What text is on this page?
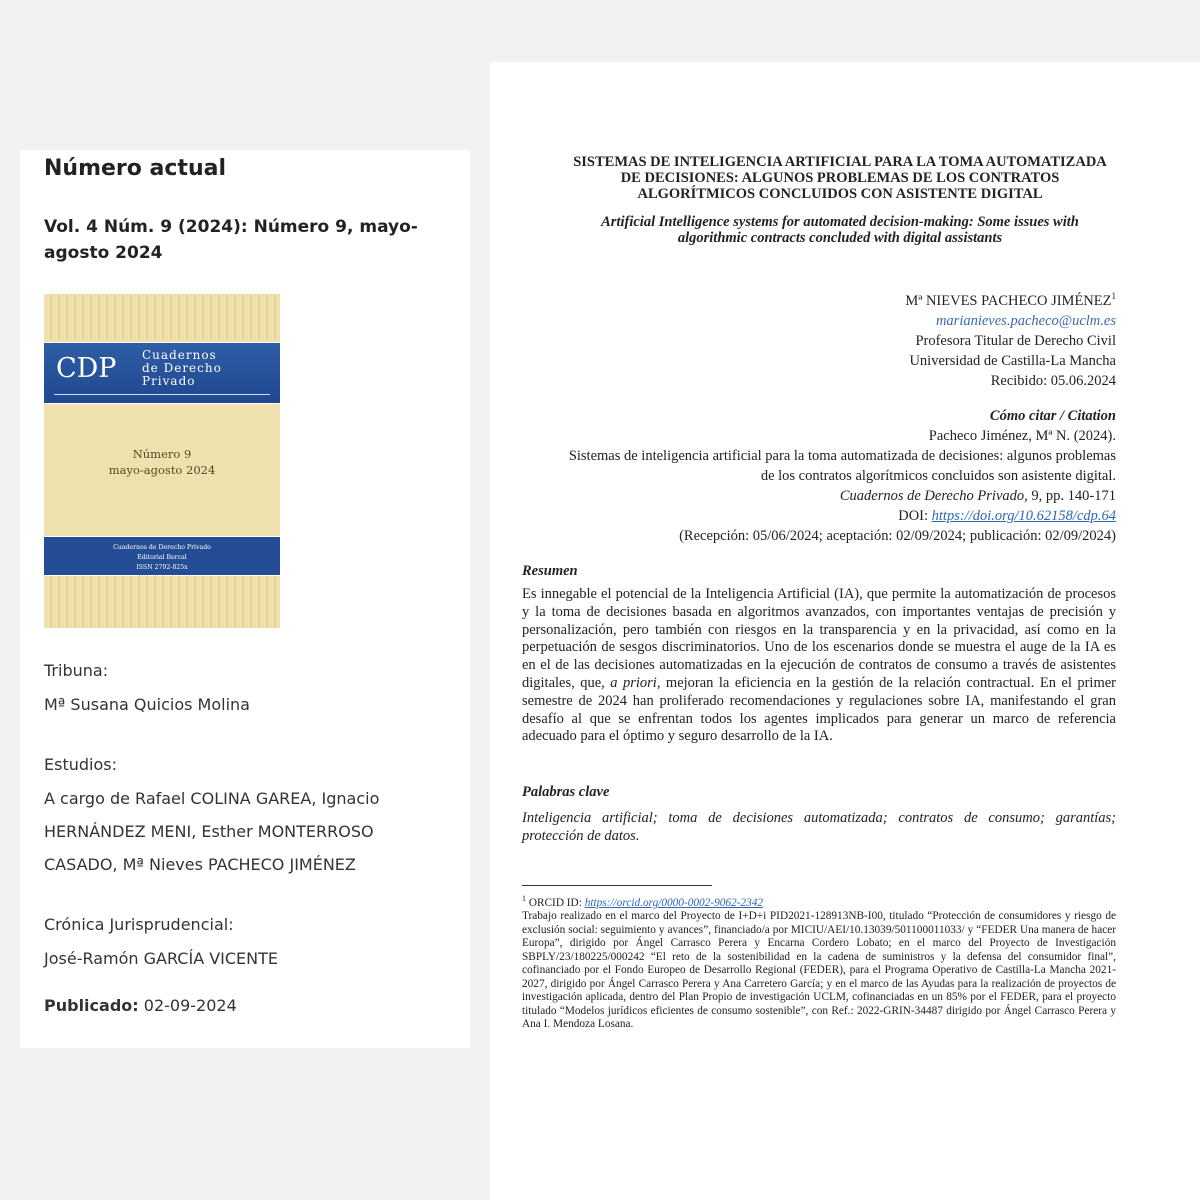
Número actual
Vol. 4 Núm. 9 (2024): Número 9, mayo-agosto 2024
CDP Cuadernos
de Derecho
Privado
Número 9
mayo-agosto 2024
Cuadernos de Derecho Privado
Editorial Bercal
ISSN 2792-825x
Tribuna:
Mª Susana Quicios Molina
Estudios:
A cargo de Rafael COLINA GAREA, Ignacio
HERNÁNDEZ MENI, Esther MONTERROSO
CASADO, Mª Nieves PACHECO JIMÉNEZ
Crónica Jurisprudencial:
José-Ramón GARCÍA VICENTE
Publicado: 02-09-2024
SISTEMAS DE INTELIGENCIA ARTIFICIAL PARA LA TOMA AUTOMATIZADA
DE DECISIONES: ALGUNOS PROBLEMAS DE LOS CONTRATOS
ALGORÍTMICOS CONCLUIDOS CON ASISTENTE DIGITAL
Artificial Intelligence systems for automated decision-making: Some issues with
algorithmic contracts concluded with digital assistants
Mª NIEVES PACHECO JIMÉNEZ$^1$
marianieves.pacheco@uclm.es
Profesora Titular de Derecho Civil
Universidad de Castilla-La Mancha
Recibido: 05.06.2024
Cómo citar / Citation
Pacheco Jiménez, Mª N. (2024).
Sistemas de inteligencia artificial para la toma automatizada de decisiones: algunos problemas
de los contratos algorítmicos concluidos son asistente digital.
Cuadernos de Derecho Privado, 9, pp. 140-171
DOI: https://doi.org/10.62158/cdp.64
(Recepción: 05/06/2024; aceptación: 02/09/2024; publicación: 02/09/2024)
Resumen
Es innegable el potencial de la Inteligencia Artificial (IA), que permite la automatización de procesos y la toma de decisiones basada en algoritmos avanzados, con importantes ventajas de precisión y personalización, pero también con riesgos en la transparencia y en la privacidad, así como en la perpetuación de sesgos discriminatorios. Uno de los escenarios donde se muestra el auge de la IA es en el de las decisiones automatizadas en la ejecución de contratos de consumo a través de asistentes digitales, que, a priori, mejoran la eficiencia en la gestión de la relación contractual. En el primer semestre de 2024 han proliferado recomendaciones y regulaciones sobre IA, manifestando el gran desafío al que se enfrentan todos los agentes implicados para generar un marco de referencia adecuado para el óptimo y seguro desarrollo de la IA.
Palabras clave
Inteligencia artificial; toma de decisiones automatizada; contratos de consumo; garantías; protección de datos.
$^1$ ORCID ID: https://orcid.org/0000-0002-9062-2342
Trabajo realizado en el marco del Proyecto de I+D+i PID2021-128913NB-I00, titulado “Protección de consumidores y riesgo de exclusión social: seguimiento y avances”, financiado/a por MICIU/AEI/10.13039/501100011033/ y “FEDER Una manera de hacer Europa”, dirigido por Ángel Carrasco Perera y Encarna Cordero Lobato; en el marco del Proyecto de Investigación SBPLY/23/180225/000242 “El reto de la sostenibilidad en la cadena de suministros y la defensa del consumidor final”, cofinanciado por el Fondo Europeo de Desarrollo Regional (FEDER), para el Programa Operativo de Castilla-La Mancha 2021-2027, dirigido por Ángel Carrasco Perera y Ana Carretero García; y en el marco de las Ayudas para la realización de proyectos de investigación aplicada, dentro del Plan Propio de investigación UCLM, cofinanciadas en un 85% por el FEDER, para el proyecto titulado “Modelos jurídicos eficientes de consumo sostenible”, con Ref.: 2022-GRIN-34487 dirigido por Ángel Carrasco Perera y Ana I. Mendoza Losana.
